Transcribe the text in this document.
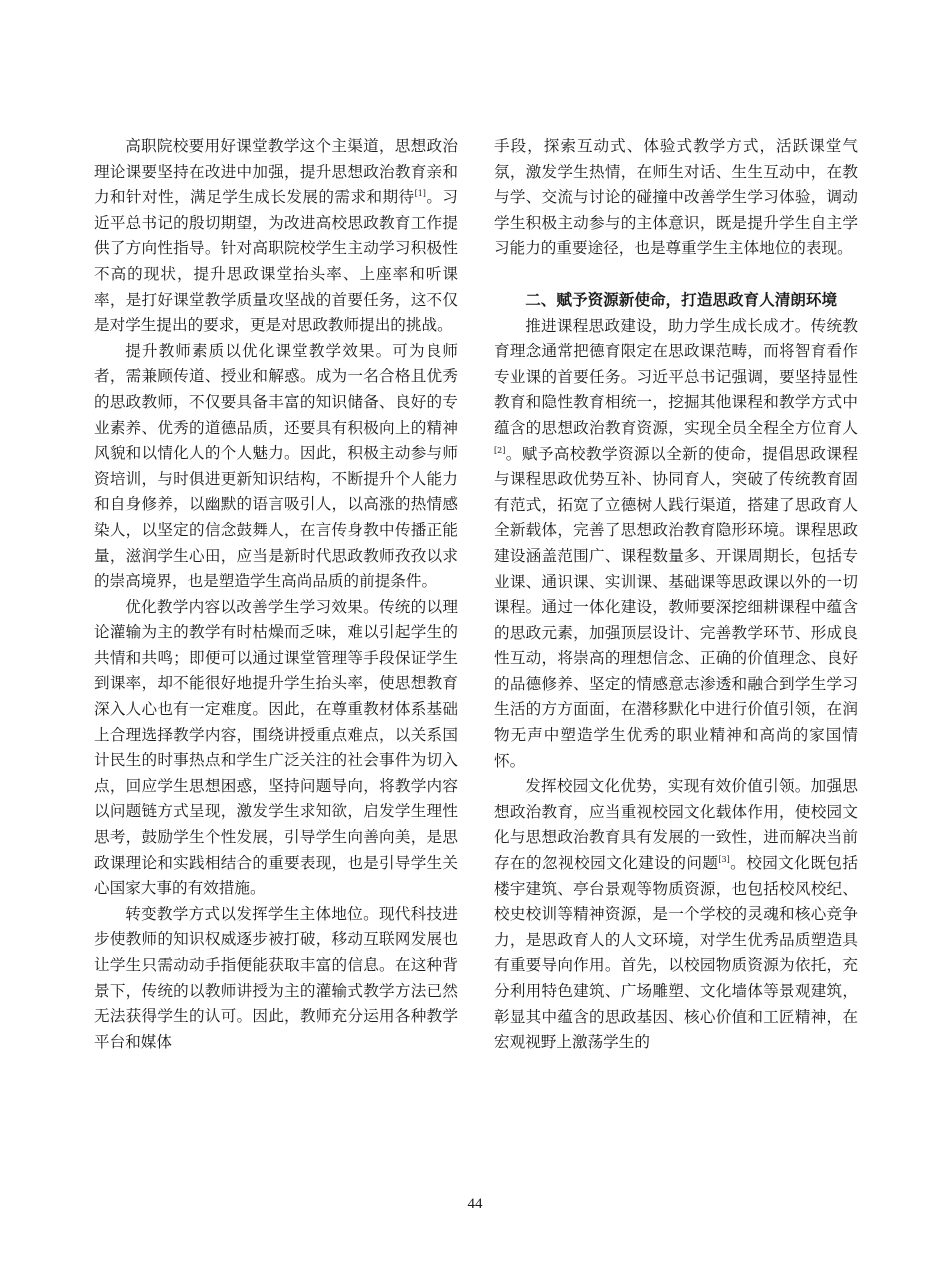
高职院校要用好课堂教学这个主渠道，思想政治理论课要坚持在改进中加强，提升思想政治教育亲和力和针对性，满足学生成长发展的需求和期待[1]。习近平总书记的殷切期望，为改进高校思政教育工作提供了方向性指导。针对高职院校学生主动学习积极性不高的现状，提升思政课堂抬头率、上座率和听课率，是打好课堂教学质量攻坚战的首要任务，这不仅是对学生提出的要求，更是对思政教师提出的挑战。

提升教师素质以优化课堂教学效果。可为良师者，需兼顾传道、授业和解惑。成为一名合格且优秀的思政教师，不仅要具备丰富的知识储备、良好的专业素养、优秀的道德品质，还要具有积极向上的精神风貌和以情化人的个人魅力。因此，积极主动参与师资培训，与时俱进更新知识结构，不断提升个人能力和自身修养，以幽默的语言吸引人，以高涨的热情感染人，以坚定的信念鼓舞人，在言传身教中传播正能量，滋润学生心田，应当是新时代思政教师孜孜以求的崇高境界，也是塑造学生高尚品质的前提条件。

优化教学内容以改善学生学习效果。传统的以理论灌输为主的教学有时枯燥而乏味，难以引起学生的共情和共鸣；即便可以通过课堂管理等手段保证学生到课率，却不能很好地提升学生抬头率，使思想教育深入人心也有一定难度。因此，在尊重教材体系基础上合理选择教学内容，围绕讲授重点难点，以关系国计民生的时事热点和学生广泛关注的社会事件为切入点，回应学生思想困惑，坚持问题导向，将教学内容以问题链方式呈现，激发学生求知欲，启发学生理性思考，鼓励学生个性发展，引导学生向善向美，是思政课理论和实践相结合的重要表现，也是引导学生关心国家大事的有效措施。

转变教学方式以发挥学生主体地位。现代科技进步使教师的知识权威逐步被打破，移动互联网发展也让学生只需动动手指便能获取丰富的信息。在这种背景下，传统的以教师讲授为主的灌输式教学方法已然无法获得学生的认可。因此，教师充分运用各种教学平台和媒体

手段，探索互动式、体验式教学方式，活跃课堂气氛，激发学生热情，在师生对话、生生互动中，在教与学、交流与讨论的碰撞中改善学生学习体验，调动学生积极主动参与的主体意识，既是提升学生自主学习能力的重要途径，也是尊重学生主体地位的表现。

二、赋予资源新使命，打造思政育人清朗环境

推进课程思政建设，助力学生成长成才。传统教育理念通常把德育限定在思政课范畴，而将智育看作专业课的首要任务。习近平总书记强调，要坚持显性教育和隐性教育相统一，挖掘其他课程和教学方式中蕴含的思想政治教育资源，实现全员全程全方位育人[2]。赋予高校教学资源以全新的使命，提倡思政课程与课程思政优势互补、协同育人，突破了传统教育固有范式，拓宽了立德树人践行渠道，搭建了思政育人全新载体，完善了思想政治教育隐形环境。课程思政建设涵盖范围广、课程数量多、开课周期长，包括专业课、通识课、实训课、基础课等思政课以外的一切课程。通过一体化建设，教师要深挖细耕课程中蕴含的思政元素，加强顶层设计、完善教学环节、形成良性互动，将崇高的理想信念、正确的价值理念、良好的品德修养、坚定的情感意志渗透和融合到学生学习生活的方方面面，在潜移默化中进行价值引领，在润物无声中塑造学生优秀的职业精神和高尚的家国情怀。

发挥校园文化优势，实现有效价值引领。加强思想政治教育，应当重视校园文化载体作用，使校园文化与思想政治教育具有发展的一致性，进而解决当前存在的忽视校园文化建设的问题[3]。校园文化既包括楼宇建筑、亭台景观等物质资源，也包括校风校纪、校史校训等精神资源，是一个学校的灵魂和核心竞争力，是思政育人的人文环境，对学生优秀品质塑造具有重要导向作用。首先，以校园物质资源为依托，充分利用特色建筑、广场雕塑、文化墙体等景观建筑，彰显其中蕴含的思政基因、核心价值和工匠精神，在宏观视野上激荡学生的

44
